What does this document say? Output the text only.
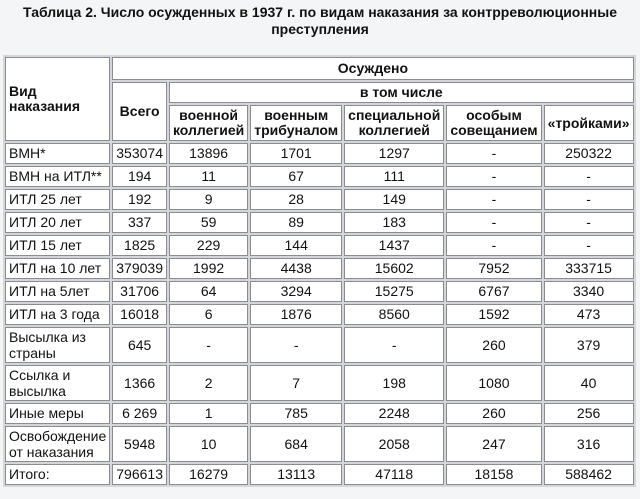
Таблица 2. Число осужденных в 1937 г. по видам наказания за контрреволюционные
преступления
Вид наказания	Осуждено					
	Всего	в том числе				
		военной коллегией	военным трибуналом	специальной коллегией	особым совещанием	«тройками»
ВМН*	353074	13896	1701	1297	-	250322
ВМН на ИТЛ**	194	11	67	111	-	-
ИТЛ 25 лет	192	9	28	149	-	-
ИТЛ 20 лет	337	59	89	183	-	-
ИТЛ 15 лет	1825	229	144	1437	-	-
ИТЛ на 10 лет	379039	1992	4438	15602	7952	333715
ИТЛ на 5лет	31706	64	3294	15275	6767	3340
ИТЛ на 3 года	16018	6	1876	8560	1592	473
Высылка из страны	645	-	-	-	260	379
Ссылка и высылка	1366	2	7	198	1080	40
Иные меры	6 269	1	785	2248	260	256
Освобождение от наказания	5948	10	684	2058	247	316
Итого:	796613	16279	13113	47118	18158	588462
